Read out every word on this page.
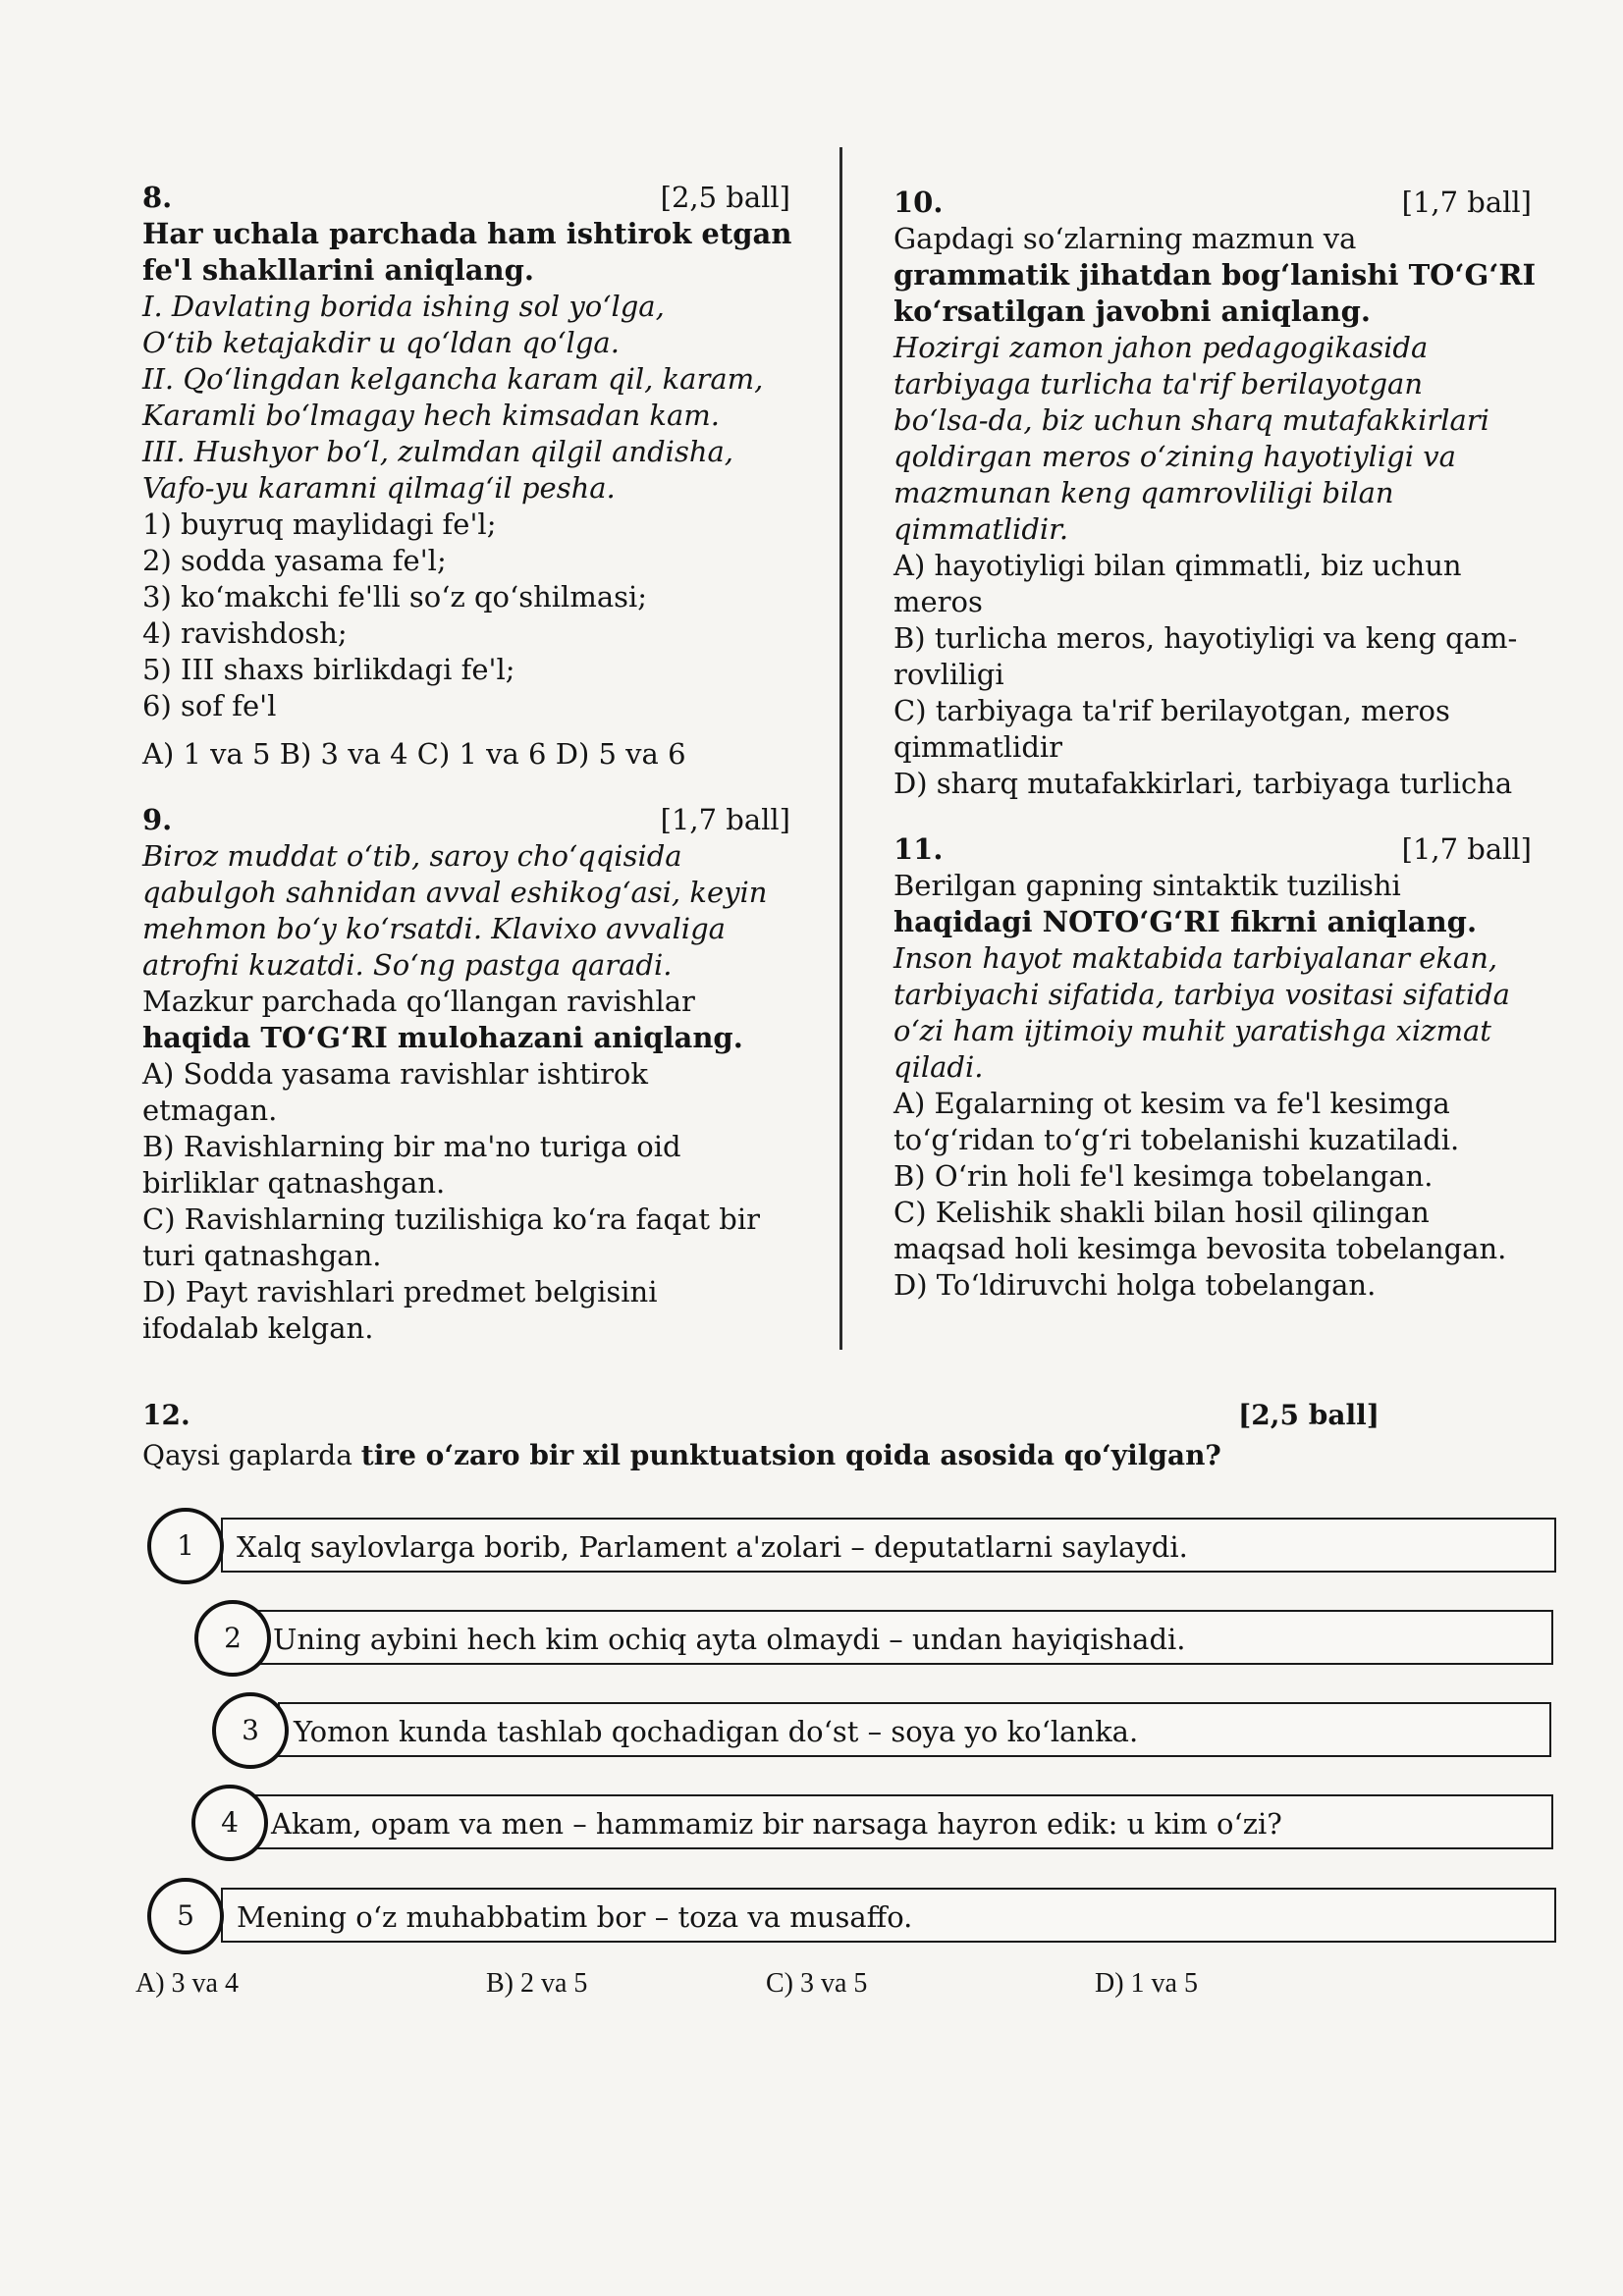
8.	[2,5 ball]
Har uchala parchada ham ishtirok etgan
fe'l shakllarini aniqlang.
I. Davlating borida ishing sol yo‘lga,
O‘tib ketajakdir u qo‘ldan qo‘lga.
II. Qo‘lingdan kelgancha karam qil, karam,
Karamli bo‘lmagay hech kimsadan kam.
III. Hushyor bo‘l, zulmdan qilgil andisha,
Vafo-yu karamni qilmag‘il pesha.
1) buyruq maylidagi fe'l;
2) sodda yasama fe'l;
3) ko‘makchi fe'lli so‘z qo‘shilmasi;
4) ravishdosh;
5) III shaxs birlikdagi fe'l;
6) sof fe'l
A) 1 va 5 B) 3 va 4 C) 1 va 6 D) 5 va 6
9.	[1,7 ball]
Biroz muddat o‘tib, saroy cho‘qqisida
qabulgoh sahnidan avval eshikog‘asi, keyin
mehmon bo‘y ko‘rsatdi. Klavixo avvaliga
atrofni kuzatdi. So‘ng pastga qaradi.
Mazkur parchada qo‘llangan ravishlar
haqida TO‘G‘RI mulohazani aniqlang.
A) Sodda yasama ravishlar ishtirok
etmagan.
B) Ravishlarning bir ma'no turiga oid
birliklar qatnashgan.
C) Ravishlarning tuzilishiga ko‘ra faqat bir
turi qatnashgan.
D) Payt ravishlari predmet belgisini
ifodalab kelgan.
10.	[1,7 ball]
Gapdagi so‘zlarning mazmun va
grammatik jihatdan bog‘lanishi TO‘G‘RI
ko‘rsatilgan javobni aniqlang.
Hozirgi zamon jahon pedagogikasida
tarbiyaga turlicha ta'rif berilayotgan
bo‘lsa-da, biz uchun sharq mutafakkirlari
qoldirgan meros o‘zining hayotiyligi va
mazmunan keng qamrovliligi bilan
qimmatlidir.
A) hayotiyligi bilan qimmatli, biz uchun
meros
B) turlicha meros, hayotiyligi va keng qam-
rovliligi
C) tarbiyaga ta'rif berilayotgan, meros
qimmatlidir
D) sharq mutafakkirlari, tarbiyaga turlicha
11.	[1,7 ball]
Berilgan gapning sintaktik tuzilishi
haqidagi NOTO‘G‘RI fikrni aniqlang.
Inson hayot maktabida tarbiyalanar ekan,
tarbiyachi sifatida, tarbiya vositasi sifatida
o‘zi ham ijtimoiy muhit yaratishga xizmat
qiladi.
A) Egalarning ot kesim va fe'l kesimga
to‘g‘ridan to‘g‘ri tobelanishi kuzatiladi.
B) O‘rin holi fe'l kesimga tobelangan.
C) Kelishik shakli bilan hosil qilingan
maqsad holi kesimga bevosita tobelangan.
D) To‘ldiruvchi holga tobelangan.
12.	[2,5 ball]
Qaysi gaplarda tire o‘zaro bir xil punktuatsion qoida asosida qo‘yilgan?
Xalq saylovlarga borib, Parlament a'zolari – deputatlarni saylaydi.
1
Uning aybini hech kim ochiq ayta olmaydi – undan hayiqishadi.
2
Yomon kunda tashlab qochadigan do‘st – soya yo ko‘lanka.
3
Akam, opam va men – hammamiz bir narsaga hayron edik: u kim o‘zi?
4
Mening o‘z muhabbatim bor – toza va musaffo.
5
A) 3 va 4	B) 2 va 5	C) 3 va 5	D) 1 va 5
